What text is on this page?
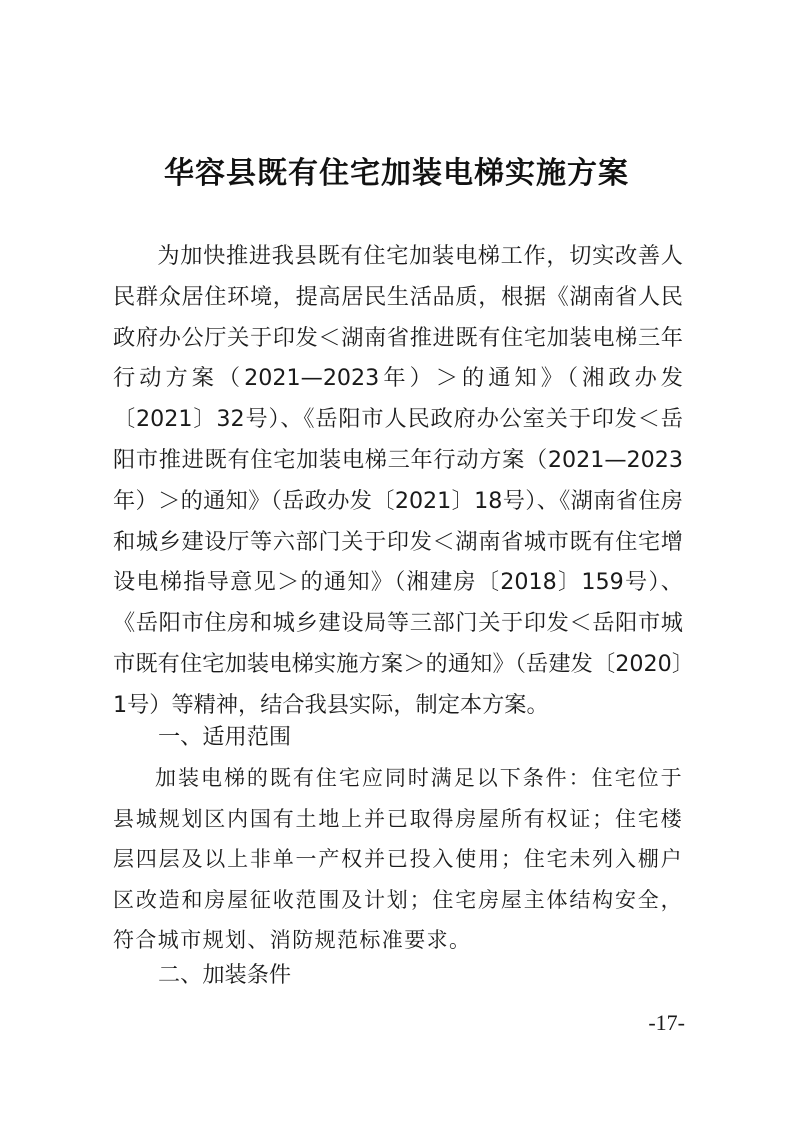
华容县既有住宅加装电梯实施方案

为加快推进我县既有住宅加装电梯工作，切实改善人民群众居住环境，提高居民生活品质，根据《湖南省人民政府办公厅关于印发＜湖南省推进既有住宅加装电梯三年行动方案（2021—2023年）＞的通知》（湘政办发〔2021〕32号）、《岳阳市人民政府办公室关于印发＜岳阳市推进既有住宅加装电梯三年行动方案（2021—2023年）＞的通知》（岳政办发〔2021〕18号）、《湖南省住房和城乡建设厅等六部门关于印发＜湖南省城市既有住宅增设电梯指导意见＞的通知》（湘建房〔2018〕159号）、《岳阳市住房和城乡建设局等三部门关于印发＜岳阳市城市既有住宅加装电梯实施方案＞的通知》（岳建发〔2020〕1号）等精神，结合我县实际，制定本方案。

一、适用范围

加装电梯的既有住宅应同时满足以下条件：住宅位于县城规划区内国有土地上并已取得房屋所有权证；住宅楼层四层及以上非单一产权并已投入使用；住宅未列入棚户区改造和房屋征收范围及计划；住宅房屋主体结构安全，符合城市规划、消防规范标准要求。

二、加装条件
-17-
